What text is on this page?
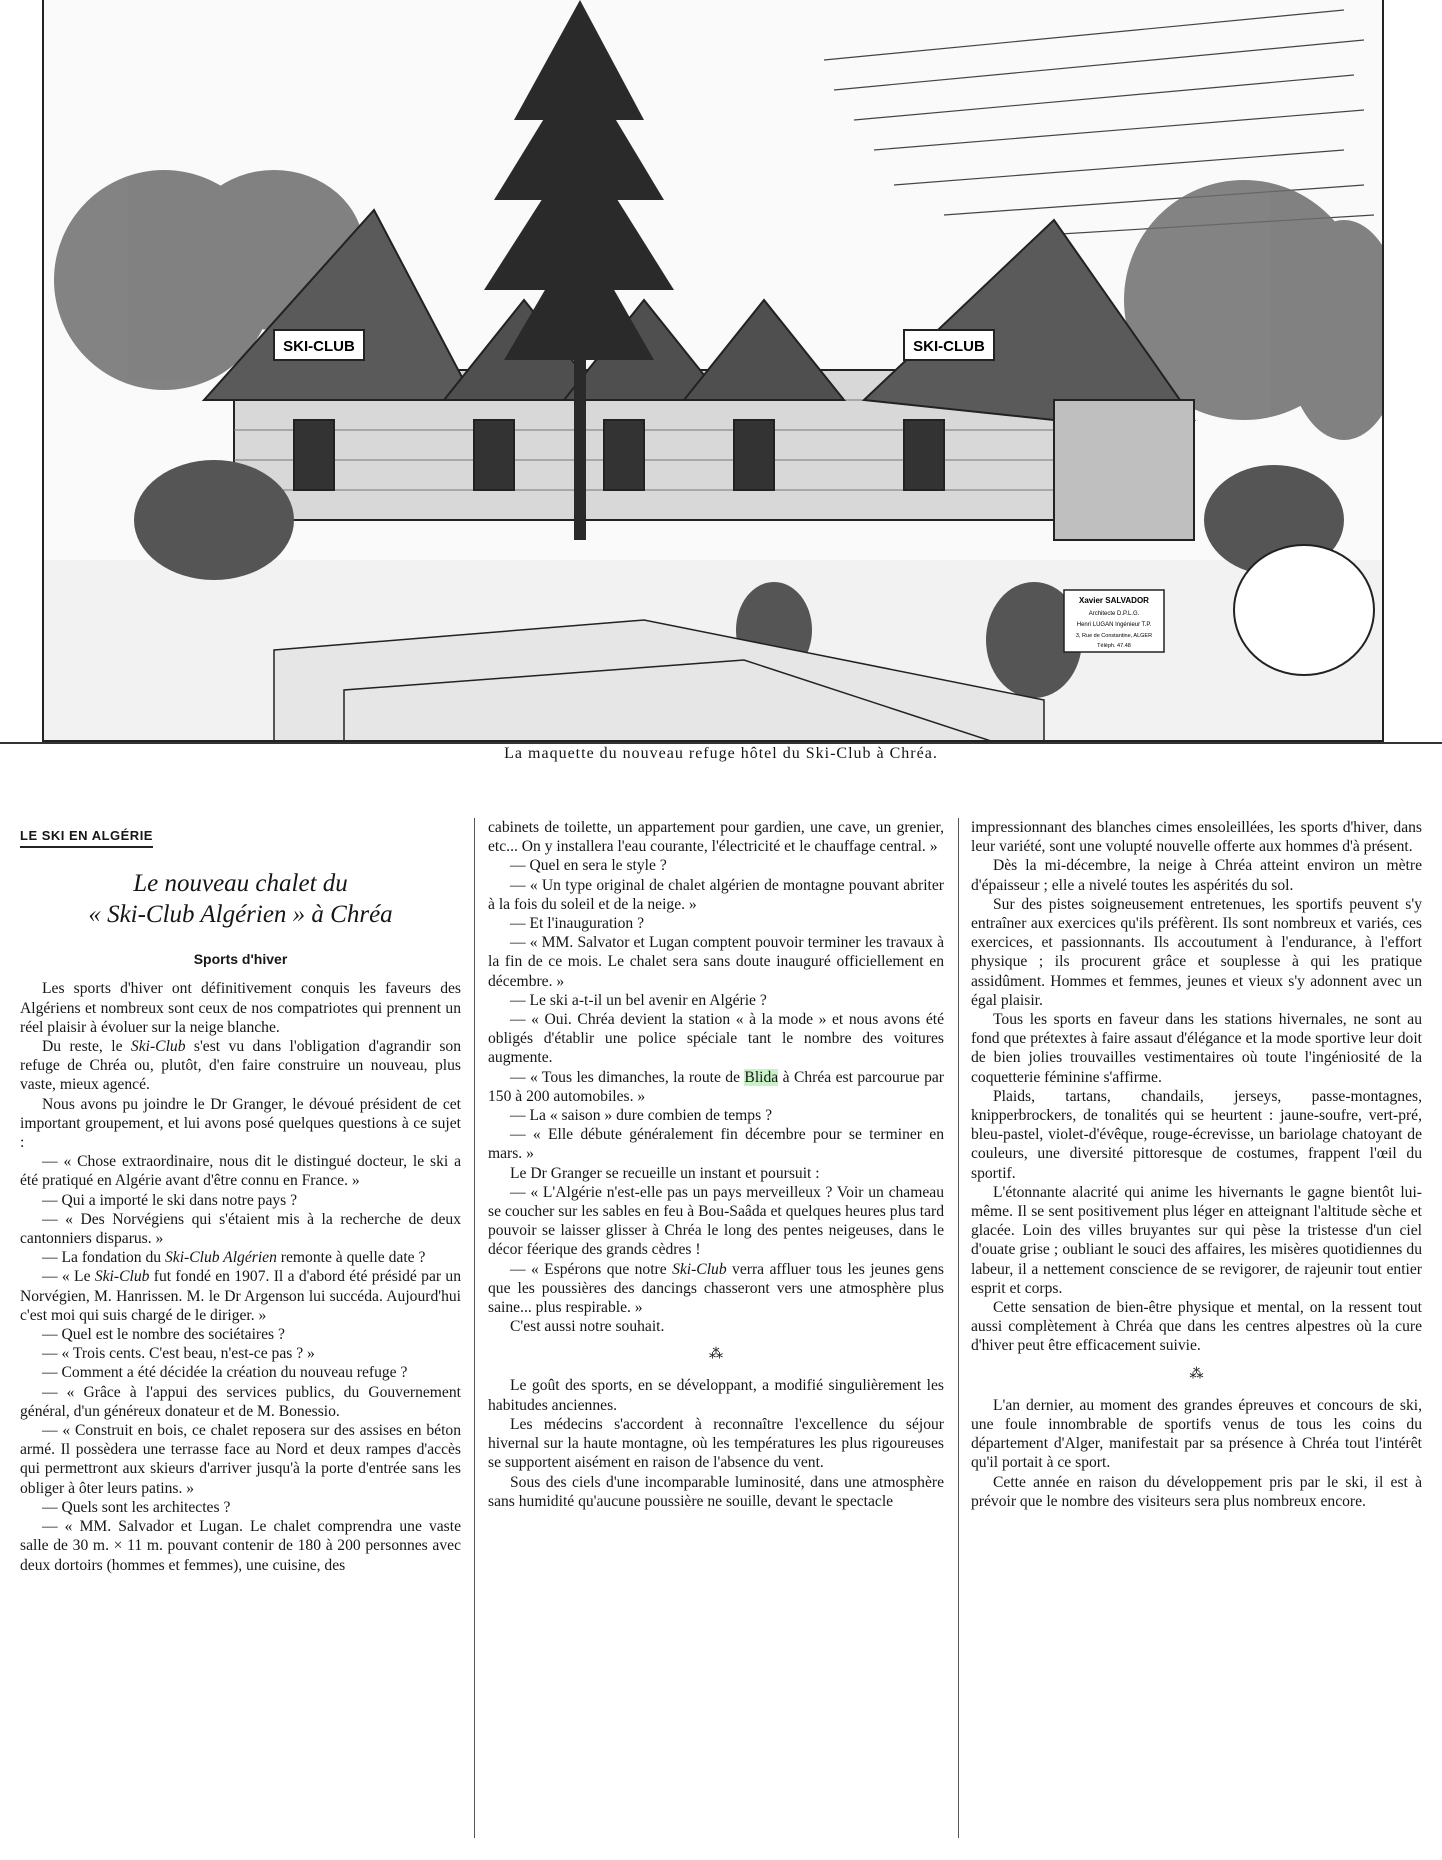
SKI-CLUB	SKI-CLUB
Xavier SALVADOR
Architecte D.P.L.G.
Henri LUGAN Ingénieur T.P.
3, Rue de Constantine, ALGER
Téléph. 47.48
La maquette du nouveau refuge hôtel du Ski-Club à Chréa.
LE SKI EN ALGÉRIE
Le nouveau chalet du
« Ski-Club Algérien » à Chréa
Sports d'hiver

Les sports d'hiver ont définitivement conquis les faveurs des Algériens et nombreux sont ceux de nos compatriotes qui prennent un réel plaisir à évoluer sur la neige blanche.

Du reste, le Ski-Club s'est vu dans l'obligation d'agrandir son refuge de Chréa ou, plutôt, d'en faire construire un nouveau, plus vaste, mieux agencé.

Nous avons pu joindre le Dr Granger, le dévoué président de cet important groupement, et lui avons posé quelques questions à ce sujet :

— « Chose extraordinaire, nous dit le distingué docteur, le ski a été pratiqué en Algérie avant d'être connu en France. »

— Qui a importé le ski dans notre pays ?

— « Des Norvégiens qui s'étaient mis à la recherche de deux cantonniers disparus. »

— La fondation du Ski-Club Algérien remonte à quelle date ?

— « Le Ski-Club fut fondé en 1907. Il a d'abord été présidé par un Norvégien, M. Hanrissen. M. le Dr Argenson lui succéda. Aujourd'hui c'est moi qui suis chargé de le diriger. »

— Quel est le nombre des sociétaires ?

— « Trois cents. C'est beau, n'est-ce pas ? »

— Comment a été décidée la création du nouveau refuge ?

— « Grâce à l'appui des services publics, du Gouvernement général, d'un généreux donateur et de M. Bonessio.

— « Construit en bois, ce chalet reposera sur des assises en béton armé. Il possèdera une terrasse face au Nord et deux rampes d'accès qui permettront aux skieurs d'arriver jusqu'à la porte d'entrée sans les obliger à ôter leurs patins. »

— Quels sont les architectes ?

— « MM. Salvador et Lugan. Le chalet comprendra une vaste salle de 30 m. × 11 m. pouvant contenir de 180 à 200 personnes avec deux dortoirs (hommes et femmes), une cuisine, des

cabinets de toilette, un appartement pour gardien, une cave, un grenier, etc... On y installera l'eau courante, l'électricité et le chauffage central. »

— Quel en sera le style ?

— « Un type original de chalet algérien de montagne pouvant abriter à la fois du soleil et de la neige. »

— Et l'inauguration ?

— « MM. Salvator et Lugan comptent pouvoir terminer les travaux à la fin de ce mois. Le chalet sera sans doute inauguré officiellement en décembre. »

— Le ski a-t-il un bel avenir en Algérie ?

— « Oui. Chréa devient la station « à la mode » et nous avons été obligés d'établir une police spéciale tant le nombre des voitures augmente.

— « Tous les dimanches, la route de Blida à Chréa est parcourue par 150 à 200 automobiles. »

— La « saison » dure combien de temps ?

— « Elle débute généralement fin décembre pour se terminer en mars. »

Le Dr Granger se recueille un instant et poursuit :

— « L'Algérie n'est-elle pas un pays merveilleux ? Voir un chameau se coucher sur les sables en feu à Bou-Saâda et quelques heures plus tard pouvoir se laisser glisser à Chréa le long des pentes neigeuses, dans le décor féerique des grands cèdres !

— « Espérons que notre Ski-Club verra affluer tous les jeunes gens que les poussières des dancings chasseront vers une atmosphère plus saine... plus respirable. »

C'est aussi notre souhait.

⁂

Le goût des sports, en se développant, a modifié singulièrement les habitudes anciennes.

Les médecins s'accordent à reconnaître l'excellence du séjour hivernal sur la haute montagne, où les températures les plus rigoureuses se supportent aisément en raison de l'absence du vent.

Sous des ciels d'une incomparable luminosité, dans une atmosphère sans humidité qu'aucune poussière ne souille, devant le spectacle

impressionnant des blanches cimes ensoleillées, les sports d'hiver, dans leur variété, sont une volupté nouvelle offerte aux hommes d'à présent.

Dès la mi-décembre, la neige à Chréa atteint environ un mètre d'épaisseur ; elle a nivelé toutes les aspérités du sol.

Sur des pistes soigneusement entretenues, les sportifs peuvent s'y entraîner aux exercices qu'ils préfèrent. Ils sont nombreux et variés, ces exercices, et passionnants. Ils accoutument à l'endurance, à l'effort physique ; ils procurent grâce et souplesse à qui les pratique assidûment. Hommes et femmes, jeunes et vieux s'y adonnent avec un égal plaisir.

Tous les sports en faveur dans les stations hivernales, ne sont au fond que prétextes à faire assaut d'élégance et la mode sportive leur doit de bien jolies trouvailles vestimentaires où toute l'ingéniosité de la coquetterie féminine s'affirme.

Plaids, tartans, chandails, jerseys, passe-montagnes, knipperbrockers, de tonalités qui se heurtent : jaune-soufre, vert-pré, bleu-pastel, violet-d'évêque, rouge-écrevisse, un bariolage chatoyant de couleurs, une diversité pittoresque de costumes, frappent l'œil du sportif.

L'étonnante alacrité qui anime les hivernants le gagne bientôt lui-même. Il se sent positivement plus léger en atteignant l'altitude sèche et glacée. Loin des villes bruyantes sur qui pèse la tristesse d'un ciel d'ouate grise ; oubliant le souci des affaires, les misères quotidiennes du labeur, il a nettement conscience de se revigorer, de rajeunir tout entier esprit et corps.

Cette sensation de bien-être physique et mental, on la ressent tout aussi complètement à Chréa que dans les centres alpestres où la cure d'hiver peut être efficacement suivie.

⁂

L'an dernier, au moment des grandes épreuves et concours de ski, une foule innombrable de sportifs venus de tous les coins du département d'Alger, manifestait par sa présence à Chréa tout l'intérêt qu'il portait à ce sport.

Cette année en raison du développement pris par le ski, il est à prévoir que le nombre des visiteurs sera plus nombreux encore.
